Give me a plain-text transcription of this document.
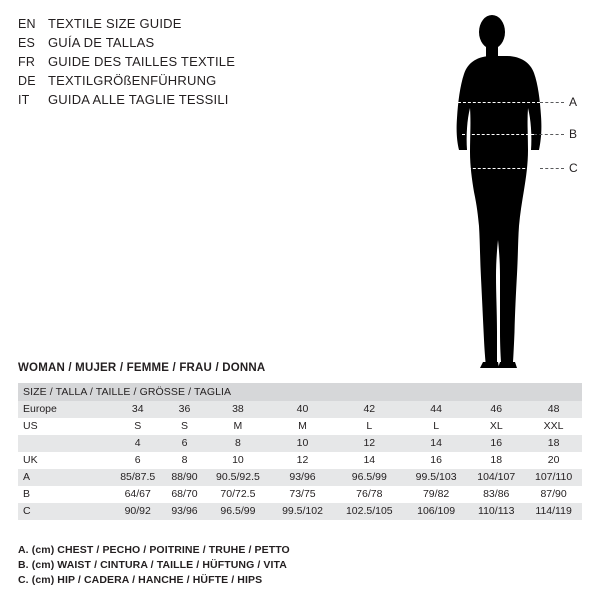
EN TEXTILE SIZE GUIDE
ES GUÍA DE TALLAS
FR GUIDE DES TAILLES TEXTILE
DE TEXTILGRÖßENFÜHRUNG
IT	GUIDA ALLE TAGLIE TESSILI	A
B
C
WOMAN / MUJER / FEMME / FRAU / DONNA
SIZE / TALLA / TAILLE / GRÖSSE / TAGLIA								
Europe	34	36	38	40	42	44	46	48
US	S	S	M	M	L	L	XL	XXL
	4	6	8	10	12	14	16	18
UK	6	8	10	12	14	16	18	20
A	85/87.5	88/90	90.5/92.5	93/96	96.5/99	99.5/103	104/107	107/110
B	64/67	68/70	70/72.5	73/75	76/78	79/82	83/86	87/90
C	90/92	93/96	96.5/99	99.5/102	102.5/105	106/109	110/113	114/119
A. (cm) CHEST / PECHO / POITRINE / TRUHE / PETTO
B. (cm) WAIST / CINTURA / TAILLE / HÜFTUNG / VITA
C. (cm) HIP / CADERA / HANCHE / HÜFTE / HIPS
